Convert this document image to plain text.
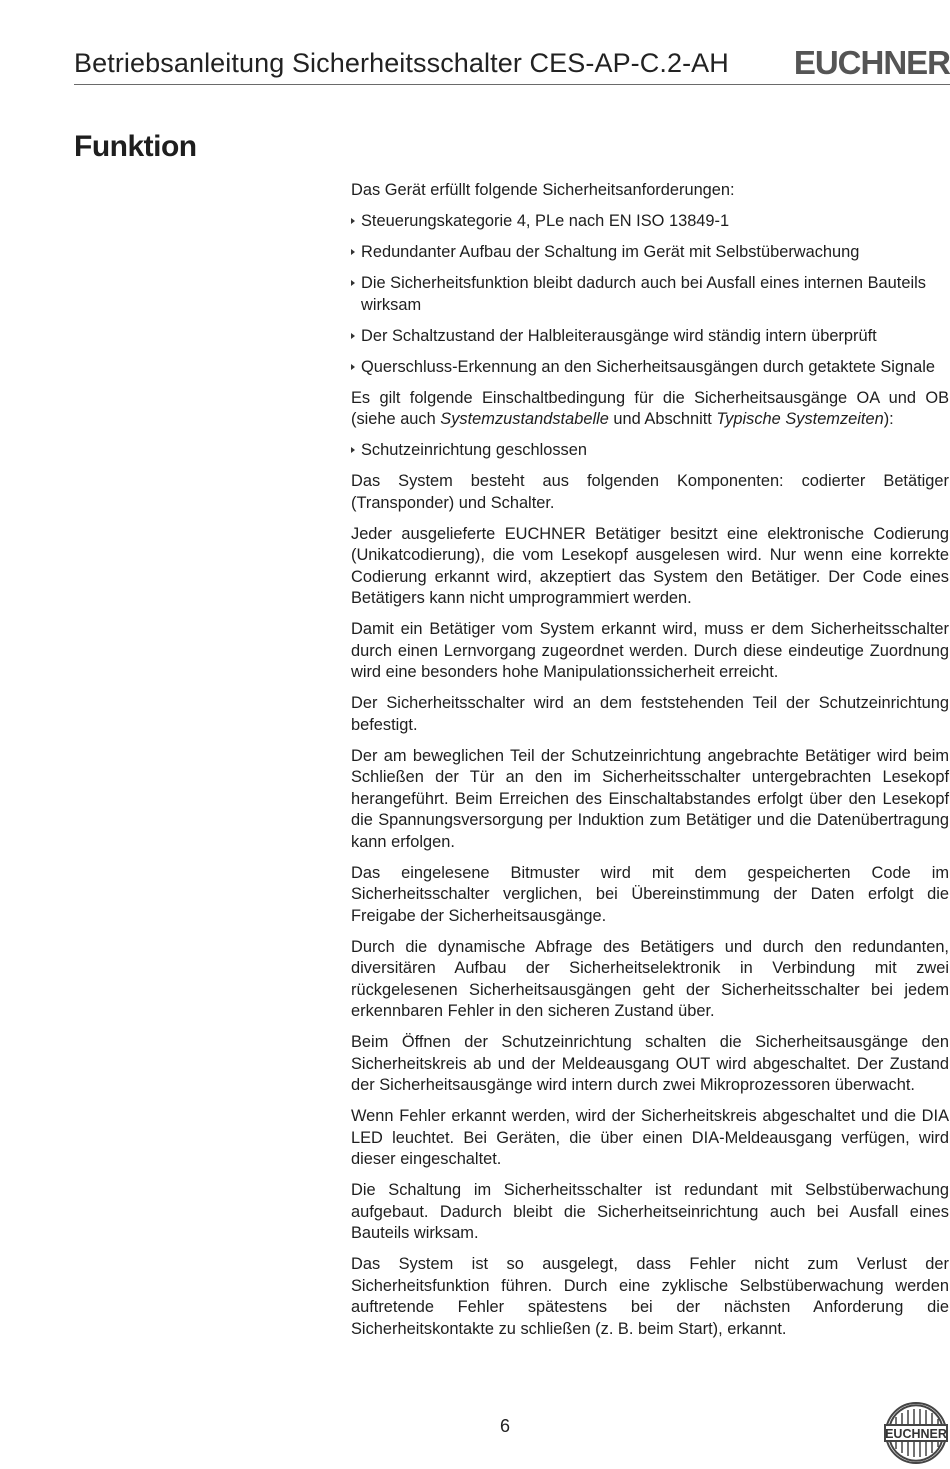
Betriebsanleitung Sicherheitsschalter CES-AP-C.2-AH EUCHNER
Funktion

Das Gerät erfüllt folgende Sicherheitsanforderungen:

Steuerungskategorie 4, PLe nach EN ISO 13849-1
Redundanter Aufbau der Schaltung im Gerät mit Selbstüberwachung
Die Sicherheitsfunktion bleibt dadurch auch bei Ausfall eines internen Bauteils wirksam
Der Schaltzustand der Halbleiterausgänge wird ständig intern überprüft
Querschluss-Erkennung an den Sicherheitsausgängen durch getaktete Signale

Es gilt folgende Einschaltbedingung für die Sicherheitsausgänge OA und OB (siehe auch Systemzustandstabelle und Abschnitt Typische Systemzeiten):

Schutzeinrichtung geschlossen

Das System besteht aus folgenden Komponenten: codierter Betätiger (Transponder) und Schalter.

Jeder ausgelieferte EUCHNER Betätiger besitzt eine elektronische Codierung (Unikatcodierung), die vom Lesekopf ausgelesen wird. Nur wenn eine korrekte Codierung erkannt wird, akzeptiert das System den Betätiger. Der Code eines Betätigers kann nicht umprogrammiert werden.

Damit ein Betätiger vom System erkannt wird, muss er dem Sicherheitsschalter durch einen Lernvorgang zugeordnet werden. Durch diese eindeutige Zuordnung wird eine besonders hohe Manipulationssicherheit erreicht.

Der Sicherheitsschalter wird an dem feststehenden Teil der Schutzeinrichtung befestigt.

Der am beweglichen Teil der Schutzeinrichtung angebrachte Betätiger wird beim Schließen der Tür an den im Sicherheitsschalter untergebrachten Lesekopf herangeführt. Beim Erreichen des Einschaltabstandes erfolgt über den Lesekopf die Spannungsversorgung per Induktion zum Betätiger und die Datenübertragung kann erfolgen.

Das eingelesene Bitmuster wird mit dem gespeicherten Code im Sicherheitsschalter verglichen, bei Übereinstimmung der Daten erfolgt die Freigabe der Sicherheitsausgänge.

Durch die dynamische Abfrage des Betätigers und durch den redundanten, diversitären Aufbau der Sicherheitselektronik in Verbindung mit zwei rückgelesenen Sicherheitsausgängen geht der Sicherheitsschalter bei jedem erkennbaren Fehler in den sicheren Zustand über.

Beim Öffnen der Schutzeinrichtung schalten die Sicherheitsausgänge den Sicherheitskreis ab und der Meldeausgang OUT wird abgeschaltet. Der Zustand der Sicherheitsausgänge wird intern durch zwei Mikroprozessoren überwacht.

Wenn Fehler erkannt werden, wird der Sicherheitskreis abgeschaltet und die DIA LED leuchtet. Bei Geräten, die über einen DIA-Meldeausgang verfügen, wird dieser eingeschaltet.

Die Schaltung im Sicherheitsschalter ist redundant mit Selbstüberwachung aufgebaut. Dadurch bleibt die Sicherheitseinrichtung auch bei Ausfall eines Bauteils wirksam.

Das System ist so ausgelegt, dass Fehler nicht zum Verlust der Sicherheitsfunktion führen. Durch eine zyklische Selbstüberwachung werden auftretende Fehler spätestens bei der nächsten Anforderung die Sicherheitskontakte zu schließen (z. B. beim Start), erkannt.

6	EUCHNER
